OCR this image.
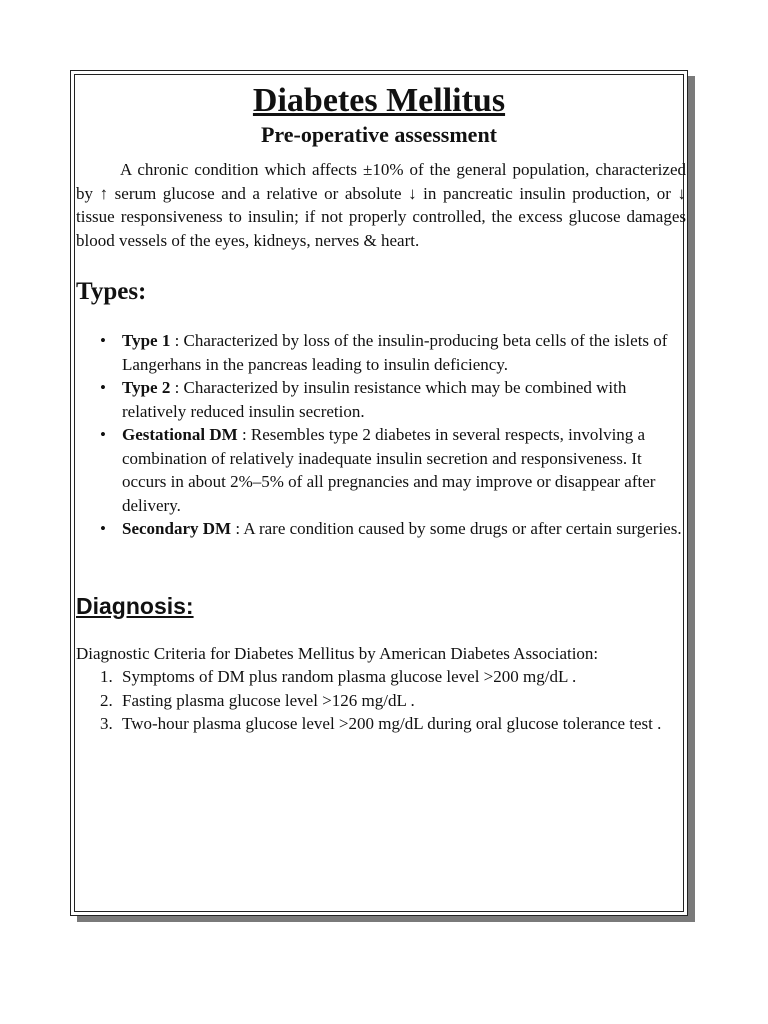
Diabetes Mellitus
Pre-operative assessment

A chronic condition which affects ±10% of the general population, characterized by ↑ serum glucose and a relative or absolute ↓ in pancreatic insulin production, or ↓ tissue responsiveness to insulin; if not properly controlled, the excess glucose damages blood vessels of the eyes, kidneys, nerves & heart.

Types:
• Type 1 : Characterized by loss of the insulin-producing beta cells of the islets of Langerhans in the pancreas leading to insulin deficiency.
• Type 2 : Characterized by insulin resistance which may be combined with relatively reduced insulin secretion.
• Gestational DM : Resembles type 2 diabetes in several respects, involving a combination of relatively inadequate insulin secretion and responsiveness. It occurs in about 2%–5% of all pregnancies and may improve or disappear after delivery.
• Secondary DM : A rare condition caused by some drugs or after certain surgeries.
Diagnosis:

Diagnostic Criteria for Diabetes Mellitus by American Diabetes Association:

1. Symptoms of DM plus random plasma glucose level >200 mg/dL .
2. Fasting plasma glucose level >126 mg/dL .
3. Two-hour plasma glucose level >200 mg/dL during oral glucose tolerance test .
